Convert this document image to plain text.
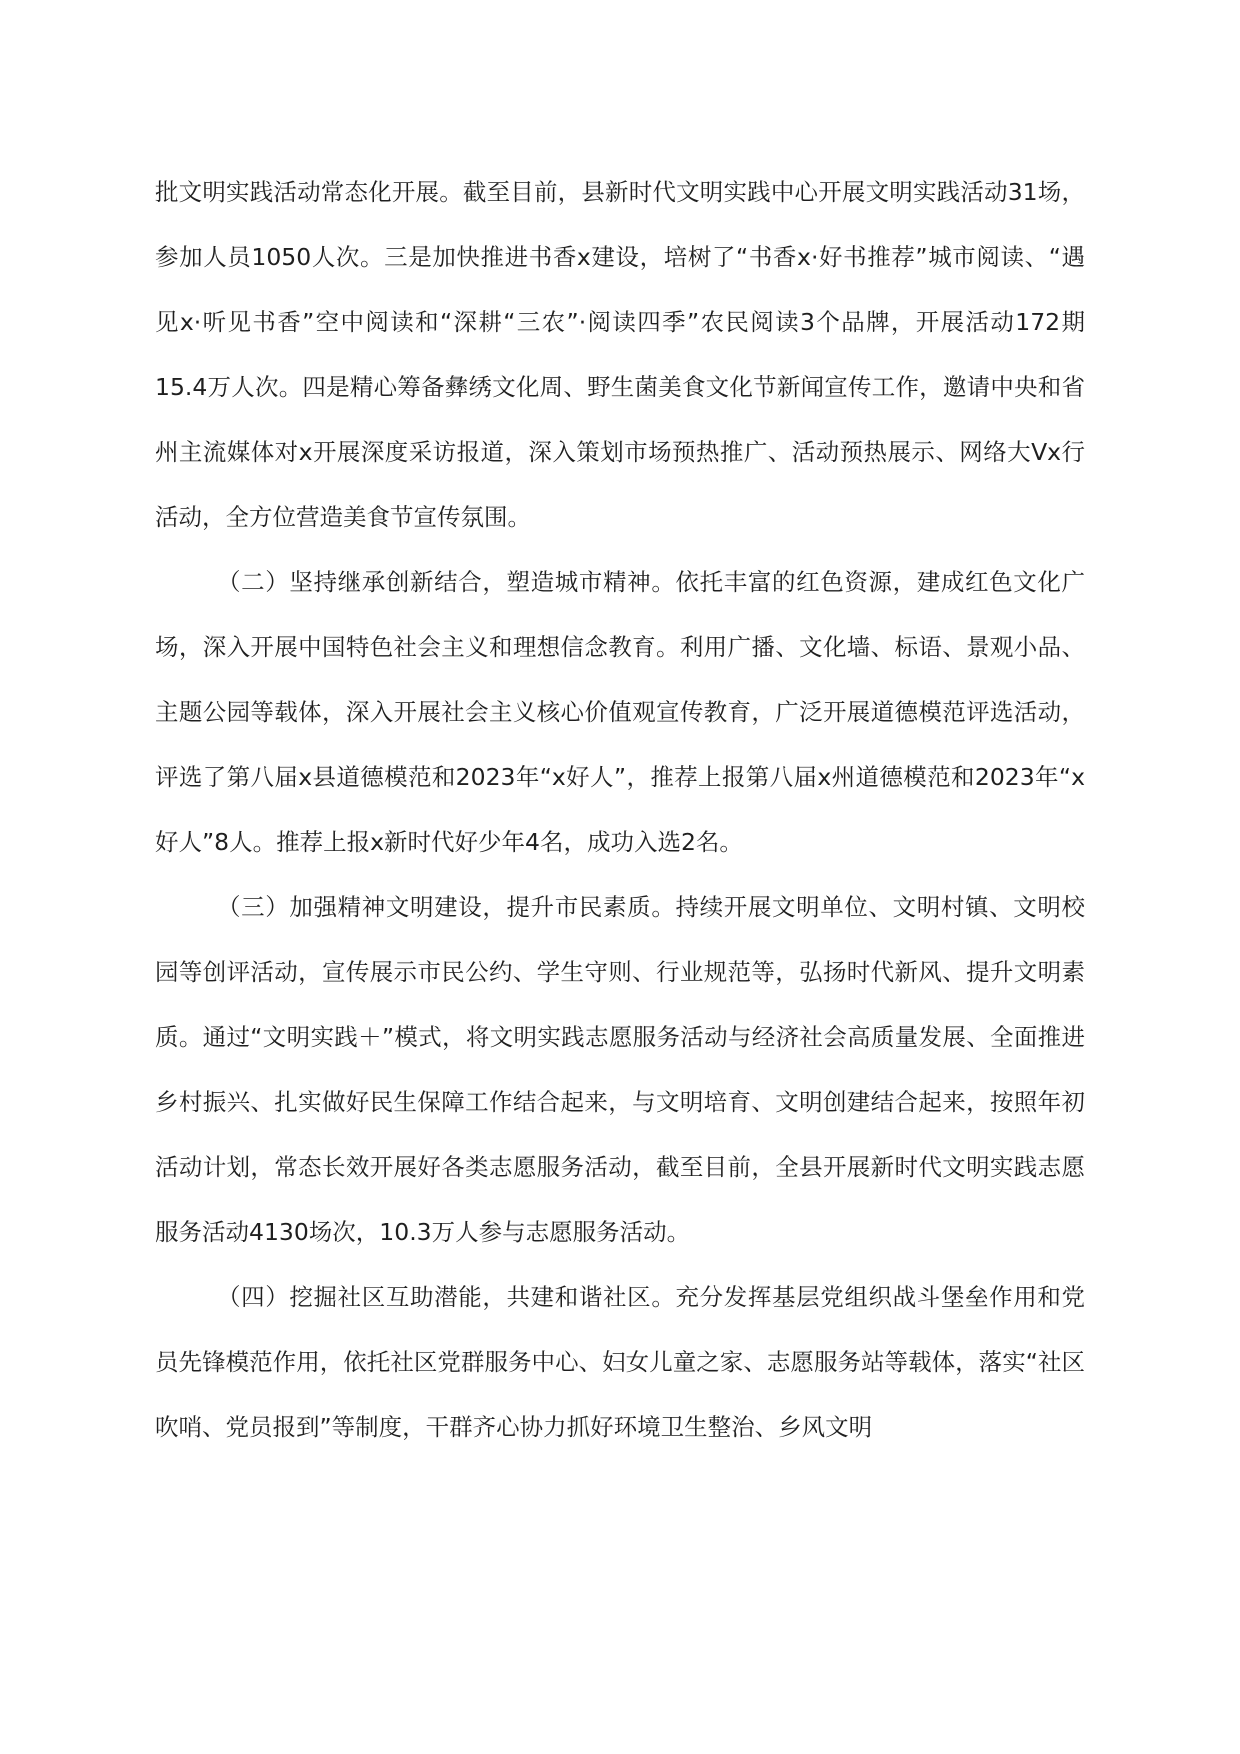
批文明实践活动常态化开展。截至目前，县新时代文明实践中心开展文明实践活动31场，参加人员1050人次。三是加快推进书香x建设，培树了“书香x·好书推荐”城市阅读、“遇见x·听见书香”空中阅读和“深耕“三农”·阅读四季”农民阅读3个品牌，开展活动172期15.4万人次。四是精心筹备彝绣文化周、野生菌美食文化节新闻宣传工作，邀请中央和省州主流媒体对x开展深度采访报道，深入策划市场预热推广、活动预热展示、网络大Vx行活动，全方位营造美食节宣传氛围。

（二）坚持继承创新结合，塑造城市精神。依托丰富的红色资源，建成红色文化广场，深入开展中国特色社会主义和理想信念教育。利用广播、文化墙、标语、景观小品、主题公园等载体，深入开展社会主义核心价值观宣传教育，广泛开展道德模范评选活动，评选了第八届x县道德模范和2023年“x好人”，推荐上报第八届x州道德模范和2023年“x好人”8人。推荐上报x新时代好少年4名，成功入选2名。

（三）加强精神文明建设，提升市民素质。持续开展文明单位、文明村镇、文明校园等创评活动，宣传展示市民公约、学生守则、行业规范等，弘扬时代新风、提升文明素质。通过“文明实践＋”模式，将文明实践志愿服务活动与经济社会高质量发展、全面推进乡村振兴、扎实做好民生保障工作结合起来，与文明培育、文明创建结合起来，按照年初活动计划，常态长效开展好各类志愿服务活动，截至目前，全县开展新时代文明实践志愿服务活动4130场次，10.3万人参与志愿服务活动。

（四）挖掘社区互助潜能，共建和谐社区。充分发挥基层党组织战斗堡垒作用和党员先锋模范作用，依托社区党群服务中心、妇女儿童之家、志愿服务站等载体，落实“社区吹哨、党员报到”等制度，干群齐心协力抓好环境卫生整治、乡风文明
